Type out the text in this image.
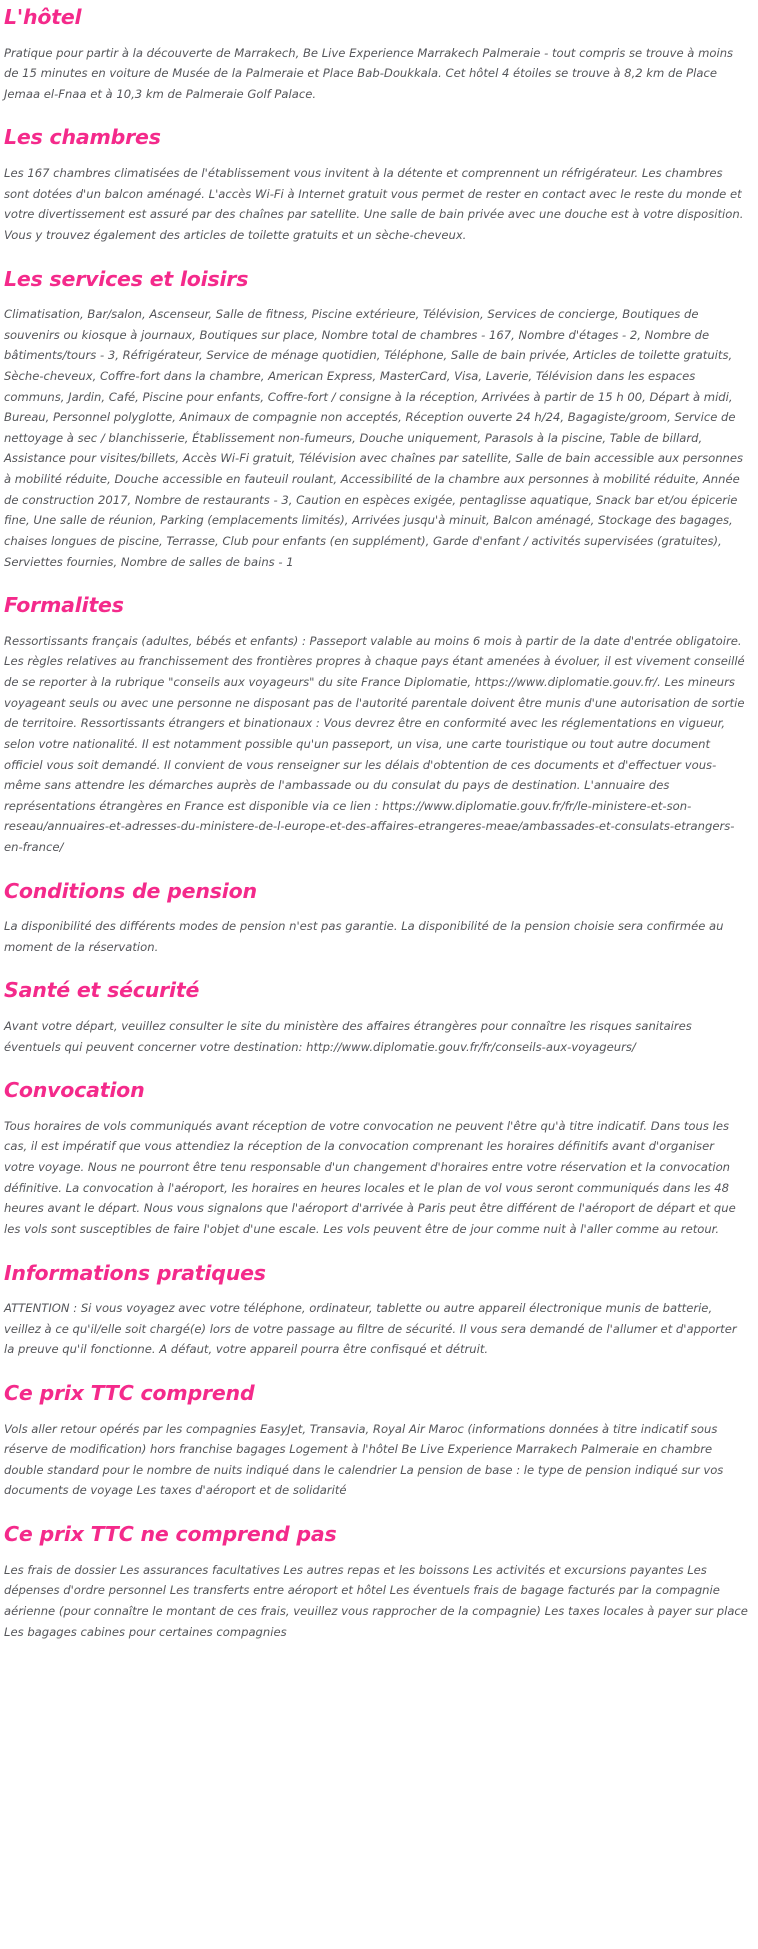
L'hôtel

Pratique pour partir à la découverte de Marrakech, Be Live Experience Marrakech Palmeraie - tout compris se trouve à moins de 15 minutes en voiture de Musée de la Palmeraie et Place Bab-Doukkala. Cet hôtel 4 étoiles se trouve à 8,2 km de Place Jemaa el-Fnaa et à 10,3 km de Palmeraie Golf Palace.

Les chambres

Les 167 chambres climatisées de l'établissement vous invitent à la détente et comprennent un réfrigérateur. Les chambres sont dotées d'un balcon aménagé. L'accès Wi-Fi à Internet gratuit vous permet de rester en contact avec le reste du monde et votre divertissement est assuré par des chaînes par satellite. Une salle de bain privée avec une douche est à votre disposition. Vous y trouvez également des articles de toilette gratuits et un sèche-cheveux.

Les services et loisirs

Climatisation, Bar/salon, Ascenseur, Salle de fitness, Piscine extérieure, Télévision, Services de concierge, Boutiques de souvenirs ou kiosque à journaux, Boutiques sur place, Nombre total de chambres - 167, Nombre d'étages - 2, Nombre de bâtiments/tours - 3, Réfrigérateur, Service de ménage quotidien, Téléphone, Salle de bain privée, Articles de toilette gratuits, Sèche-cheveux, Coffre-fort dans la chambre, American Express, MasterCard, Visa, Laverie, Télévision dans les espaces communs, Jardin, Café, Piscine pour enfants, Coffre-fort / consigne à la réception, Arrivées à partir de 15 h 00, Départ à midi, Bureau, Personnel polyglotte, Animaux de compagnie non acceptés, Réception ouverte 24 h/24, Bagagiste/groom, Service de nettoyage à sec / blanchisserie, Établissement non-fumeurs, Douche uniquement, Parasols à la piscine, Table de billard, Assistance pour visites/billets, Accès Wi-Fi gratuit, Télévision avec chaînes par satellite, Salle de bain accessible aux personnes à mobilité réduite, Douche accessible en fauteuil roulant, Accessibilité de la chambre aux personnes à mobilité réduite, Année de construction 2017, Nombre de restaurants - 3, Caution en espèces exigée, pentaglisse aquatique, Snack bar et/ou épicerie fine, Une salle de réunion, Parking (emplacements limités), Arrivées jusqu'à minuit, Balcon aménagé, Stockage des bagages, chaises longues de piscine, Terrasse, Club pour enfants (en supplément), Garde d'enfant / activités supervisées (gratuites), Serviettes fournies, Nombre de salles de bains - 1

Formalites

Ressortissants français (adultes, bébés et enfants) : Passeport valable au moins 6 mois à partir de la date d'entrée obligatoire. Les règles relatives au franchissement des frontières propres à chaque pays étant amenées à évoluer, il est vivement conseillé de se reporter à la rubrique "conseils aux voyageurs" du site France Diplomatie, https://www.diplomatie.gouv.fr/. Les mineurs voyageant seuls ou avec une personne ne disposant pas de l'autorité parentale doivent être munis d'une autorisation de sortie de territoire. Ressortissants étrangers et binationaux : Vous devrez être en conformité avec les réglementations en vigueur, selon votre nationalité. Il est notamment possible qu'un passeport, un visa, une carte touristique ou tout autre document officiel vous soit demandé. Il convient de vous renseigner sur les délais d'obtention de ces documents et d'effectuer vous-même sans attendre les démarches auprès de l'ambassade ou du consulat du pays de destination. L'annuaire des représentations étrangères en France est disponible via ce lien : https://www.diplomatie.gouv.fr/fr/le-ministere-et-son-reseau/annuaires-et-adresses-du-ministere-de-l-europe-et-des-affaires-etrangeres-meae/ambassades-et-consulats-etrangers-en-france/

Conditions de pension

La disponibilité des différents modes de pension n'est pas garantie. La disponibilité de la pension choisie sera confirmée au moment de la réservation.

Santé et sécurité

Avant votre départ, veuillez consulter le site du ministère des affaires étrangères pour connaître les risques sanitaires éventuels qui peuvent concerner votre destination: http://www.diplomatie.gouv.fr/fr/conseils-aux-voyageurs/

Convocation

Tous horaires de vols communiqués avant réception de votre convocation ne peuvent l'être qu'à titre indicatif. Dans tous les cas, il est impératif que vous attendiez la réception de la convocation comprenant les horaires définitifs avant d'organiser votre voyage. Nous ne pourront être tenu responsable d'un changement d'horaires entre votre réservation et la convocation définitive. La convocation à l'aéroport, les horaires en heures locales et le plan de vol vous seront communiqués dans les 48 heures avant le départ. Nous vous signalons que l'aéroport d'arrivée à Paris peut être différent de l'aéroport de départ et que les vols sont susceptibles de faire l'objet d'une escale. Les vols peuvent être de jour comme nuit à l'aller comme au retour.

Informations pratiques

ATTENTION : Si vous voyagez avec votre téléphone, ordinateur, tablette ou autre appareil électronique munis de batterie, veillez à ce qu'il/elle soit chargé(e) lors de votre passage au filtre de sécurité. Il vous sera demandé de l'allumer et d'apporter la preuve qu'il fonctionne. A défaut, votre appareil pourra être confisqué et détruit.

Ce prix TTC comprend

Vols aller retour opérés par les compagnies EasyJet, Transavia, Royal Air Maroc (informations données à titre indicatif sous réserve de modification) hors franchise bagages Logement à l'hôtel Be Live Experience Marrakech Palmeraie en chambre double standard pour le nombre de nuits indiqué dans le calendrier La pension de base : le type de pension indiqué sur vos documents de voyage Les taxes d'aéroport et de solidarité

Ce prix TTC ne comprend pas

Les frais de dossier Les assurances facultatives Les autres repas et les boissons Les activités et excursions payantes Les dépenses d'ordre personnel Les transferts entre aéroport et hôtel Les éventuels frais de bagage facturés par la compagnie aérienne (pour connaître le montant de ces frais, veuillez vous rapprocher de la compagnie) Les taxes locales à payer sur place Les bagages cabines pour certaines compagnies
